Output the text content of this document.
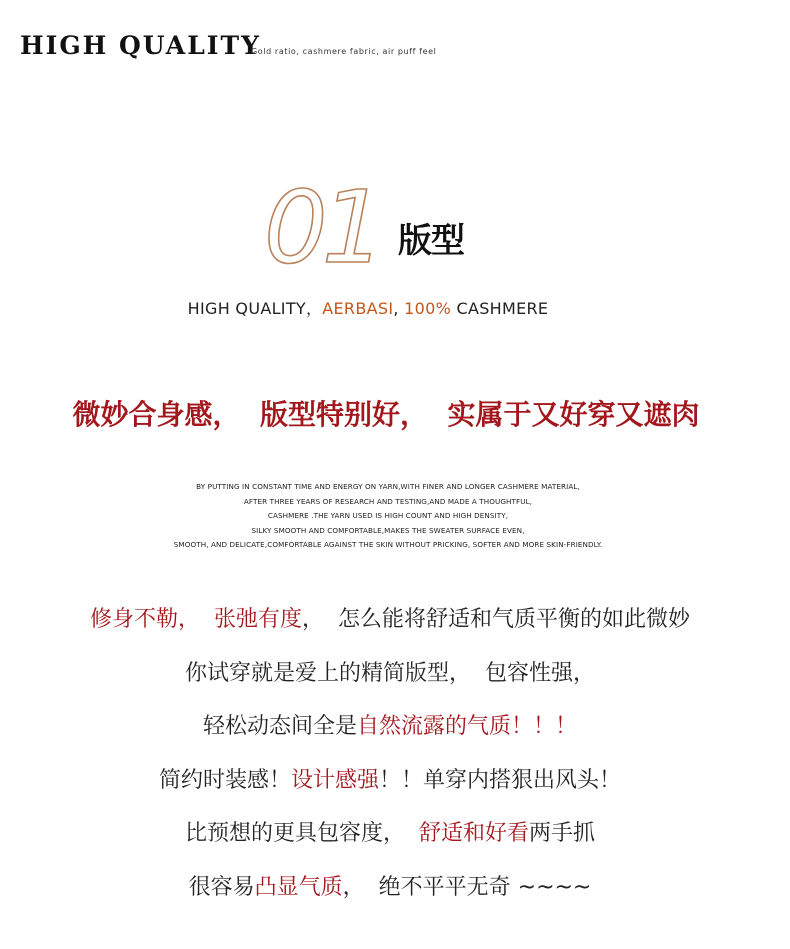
HIGH QUALITY
Gold ratio, cashmere fabric, air puff feel
01 版型
HIGH QUALITY，AERBASI, 100% CASHMERE
微妙合身感，  版型特别好，  实属于又好穿又遮肉
BY PUTTING IN CONSTANT TIME AND ENERGY ON YARN,WITH FINER AND LONGER CASHMERE MATERIAL,
AFTER THREE YEARS OF RESEARCH AND TESTING,AND MADE A THOUGHTFUL,
CASHMERE .THE YARN USED IS HIGH COUNT AND HIGH DENSITY,
SILKY SMOOTH AND COMFORTABLE,MAKES THE SWEATER SURFACE EVEN,
SMOOTH, AND DELICATE,COMFORTABLE AGAINST THE SKIN WITHOUT PRICKING, SOFTER AND MORE SKIN-FRIENDLY.
修身不勒， 张弛有度，  怎么能将舒适和气质平衡的如此微妙
你试穿就是爱上的精简版型，  包容性强，
轻松动态间全是自然流露的气质！！！
简约时装感！设计感强！！单穿内搭狠出风头！
比预想的更具包容度，  舒适和好看两手抓
很容易凸显气质，  绝不平平无奇 ~~~~
